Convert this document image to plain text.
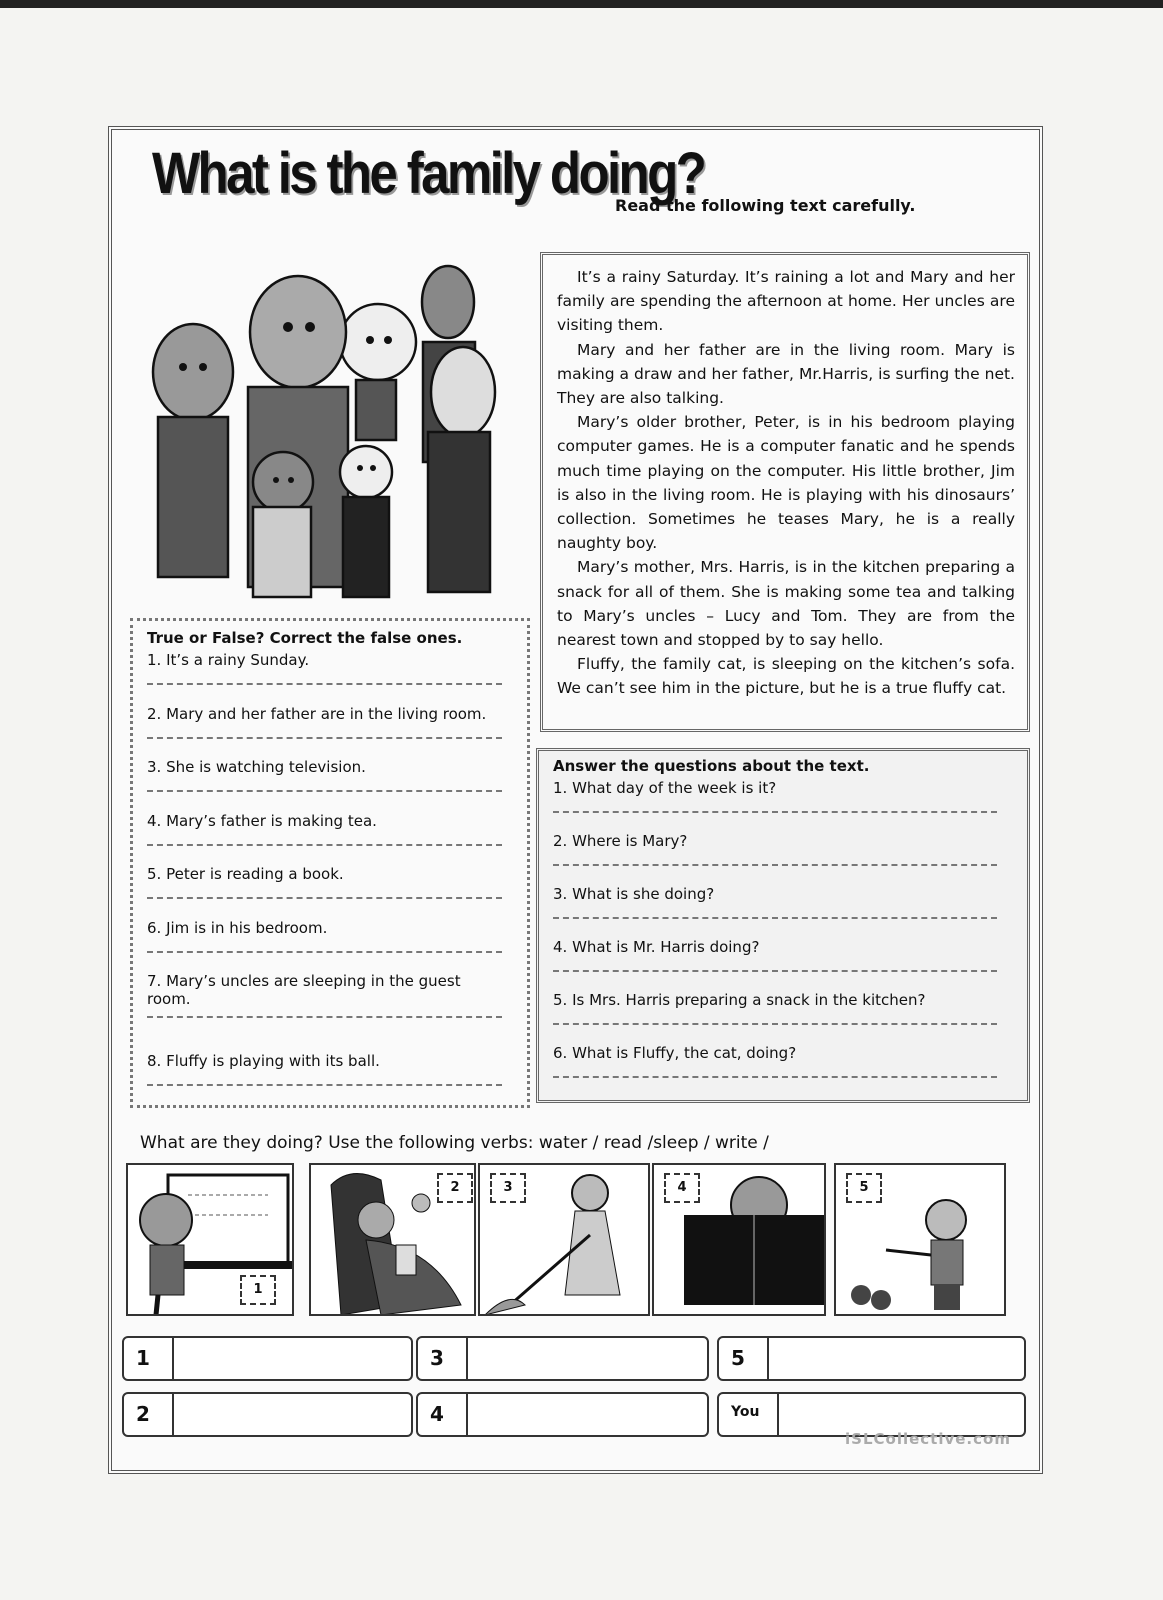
What is the family doing?
Read the following text carefully.

It’s a rainy Saturday. It’s raining a lot and Mary and her family are spending the afternoon at home. Her uncles are visiting them.

Mary and her father are in the living room. Mary is making a draw and her father, Mr.Harris, is surfing the net. They are also talking.

Mary’s older brother, Peter, is in his bedroom playing computer games. He is a computer fanatic and he spends much time playing on the computer. His little brother, Jim is also in the living room. He is playing with his dinosaurs’ collection. Sometimes he teases Mary, he is a really naughty boy.

Mary’s mother, Mrs. Harris, is in the kitchen preparing a snack for all of them. She is making some tea and talking to Mary’s uncles – Lucy and Tom. They are from the nearest town and stopped by to say hello.

Fluffy, the family cat, is sleeping on the kitchen’s sofa. We can’t see him in the picture, but he is a true fluffy cat.

True or False? Correct the false ones.
1. It’s a rainy Sunday.
2. Mary and her father are in the living room.
3. She is watching television.
4. Mary’s father is making tea.
5. Peter is reading a book.
6. Jim is in his bedroom.
7. Mary’s uncles are sleeping in the guest room.
8. Fluffy is playing with its ball.
Answer the questions about the text.
1. What day of the week is it?
2. Where is Mary?
3. What is she doing?
4. What is Mr. Harris doing?
5. Is Mrs. Harris preparing a snack in the kitchen?
6. What is Fluffy, the cat, doing?
What are they doing? Use the following verbs: water / read /sleep / write /
1
2	3	4	5
1	3	5
2	4	You
iSLCollective.com
